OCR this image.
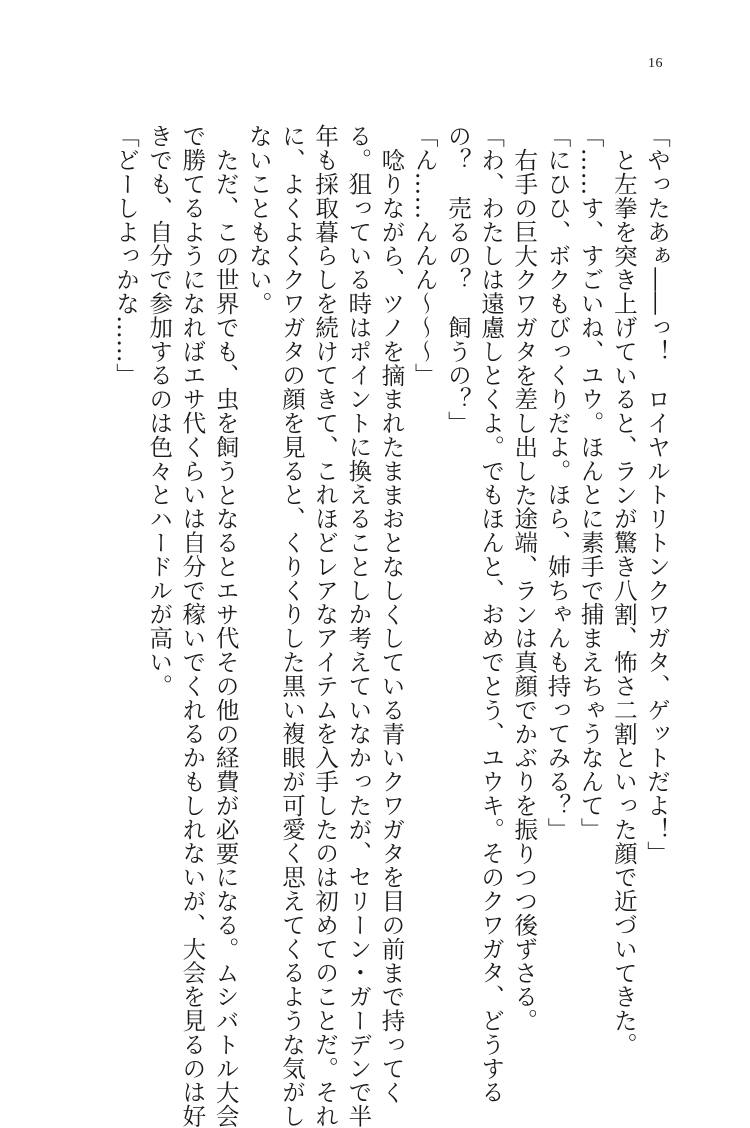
16
「やったあぁ――っ！　ロイヤルトリトンクワガタ、ゲットだよ！」
と左拳を突き上げていると、ランが驚き八割、怖さ二割といった顔で近づいてきた。
「……す、すごいね、ユウ。ほんとに素手で捕まえちゃうなんて」
「にひひ、ボクもびっくりだよ。ほら、姉ちゃんも持ってみる？」
右手の巨大クワガタを差し出した途端、ランは真顔でかぶりを振りつつ後ずさる。
「わ、わたしは遠慮しとくよ。でもほんと、おめでとう、ユウキ。そのクワガタ、どうする
の？　売るの？　飼うの？」
「ん……んんん～～～」
唸りながら、ツノを摘まれたままおとなしくしている青いクワガタを目の前まで持ってく
る。狙っている時はポイントに換えることしか考えていなかったが、セリーン・ガーデンで半
年も採取暮らしを続けてきて、これほどレアなアイテムを入手したのは初めてのことだ。それ
に、よくよくクワガタの顔を見ると、くりくりした黒い複眼が可愛く思えてくるような気がし
ないこともない。
ただ、この世界でも、虫を飼うとなるとエサ代その他の経費が必要になる。ムシバトル大会
で勝てるようになればエサ代くらいは自分で稼いでくれるかもしれないが、大会を見るのは好
きでも、自分で参加するのは色々とハードルが高い。
「どーしよっかな……」
